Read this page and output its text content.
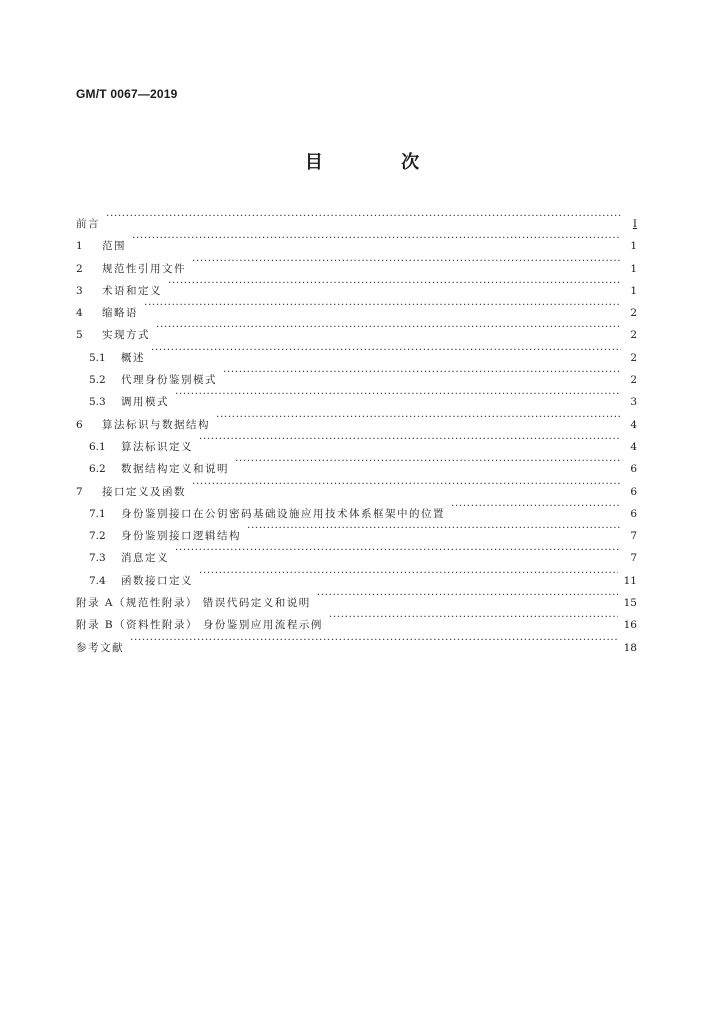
GM/T 0067—2019
目 次
前言 ·····	I
1	范围 ·····	1
2	规范性引用文件 ·····	1
3	术语和定义 ·····	1
4	缩略语 ·····	2
5	实现方式 ·····	2
5.1	概述 ·····	2
5.2	代理身份鉴别模式 ·····	2
5.3	调用模式 ·····	3
6	算法标识与数据结构 ·····	4
6.1	算法标识定义 ·····	4
6.2	数据结构定义和说明 ·····	6
7	接口定义及函数 ·····	6
7.1	身份鉴别接口在公钥密码基础设施应用技术体系框架中的位置 ·····	6
7.2	身份鉴别接口逻辑结构 ·····	7
7.3	消息定义 ·····	7
7.4	函数接口定义 ·····	11
附录 A（规范性附录） 错误代码定义和说明 ·····	15
附录 B（资料性附录） 身份鉴别应用流程示例 ·····	16
参考文献 ·····	18
